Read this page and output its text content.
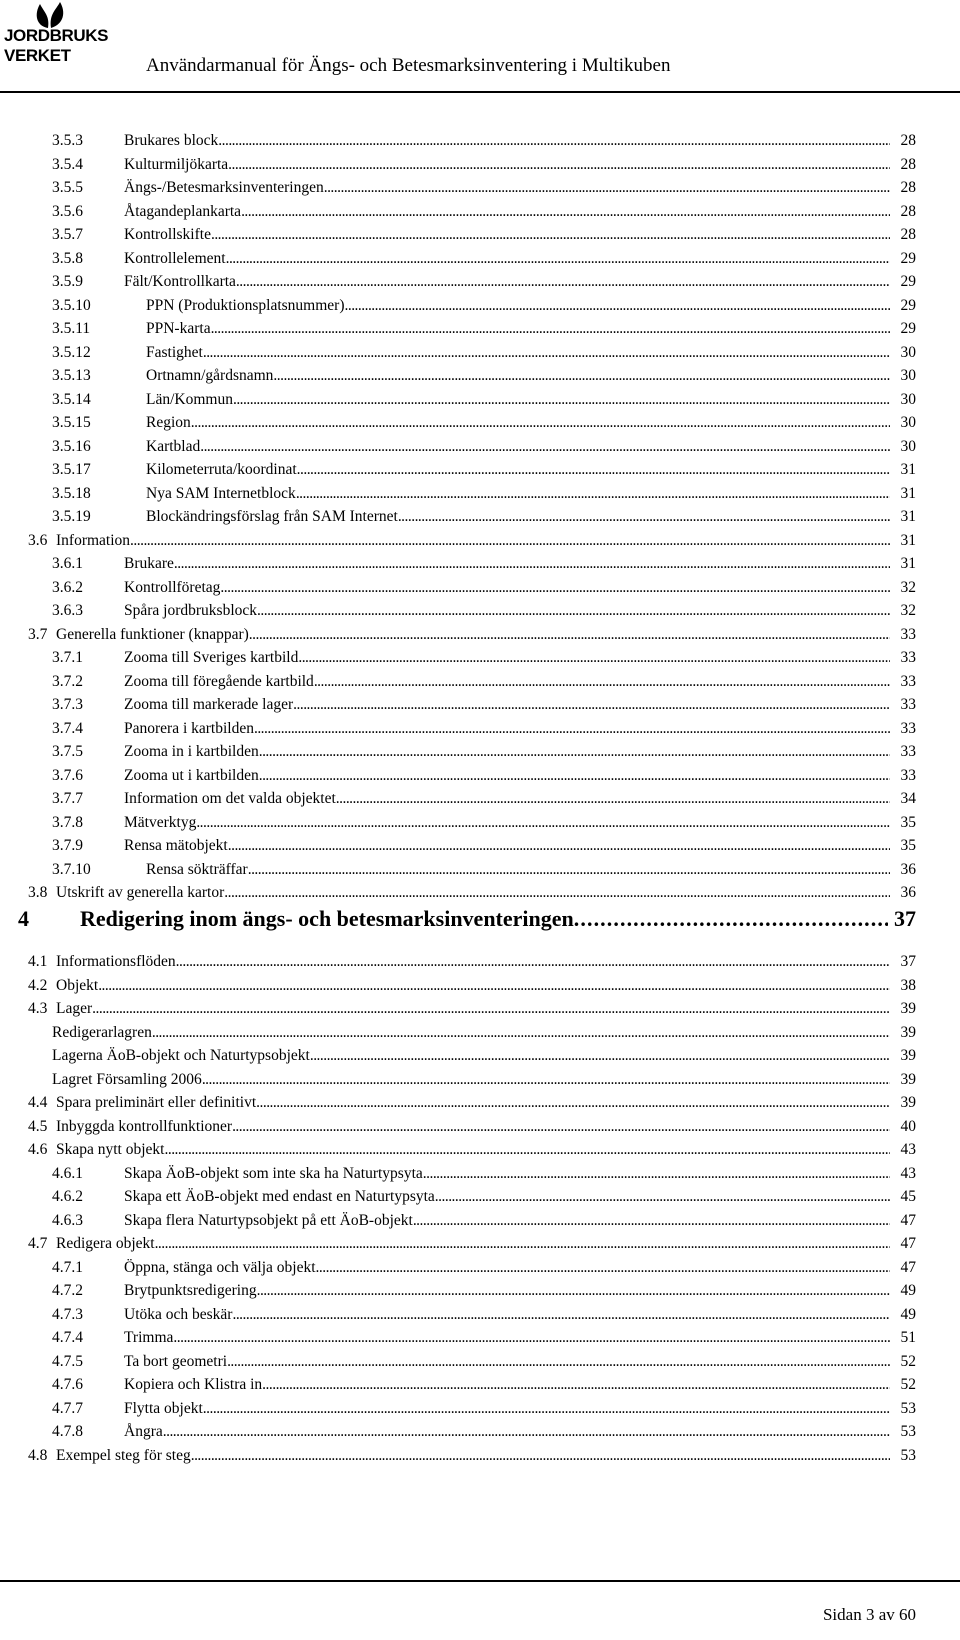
JORDBRUKS
VERKET	Användarmanual för Ängs- och Betesmarksinventering i Multikuben
3.5.3	Brukares block . . .	28
3.5.4	Kulturmiljökarta . . .	28
3.5.5	Ängs-/Betesmarksinventeringen . . .	28
3.5.6	Åtagandeplankarta . . .	28
3.5.7	Kontrollskifte . . .	28
3.5.8	Kontrollelement . . .	29
3.5.9	Fält/Kontrollkarta . . .	29
3.5.10	PPN (Produktionsplatsnummer) . . .	29
3.5.11	PPN-karta . . .	29
3.5.12	Fastighet . . .	30
3.5.13	Ortnamn/gårdsnamn . . .	30
3.5.14	Län/Kommun . . .	30
3.5.15	Region . . .	30
3.5.16	Kartblad . . .	30
3.5.17	Kilometerruta/koordinat . . .	31
3.5.18	Nya SAM Internetblock . . .	31
3.5.19	Blockändringsförslag från SAM Internet . . .	31
3.6 Information . . .	31
3.6.1	Brukare . . .	31
3.6.2	Kontrollföretag . . .	32
3.6.3	Spåra jordbruksblock . . .	32
3.7 Generella funktioner (knappar) . . .	33
3.7.1	Zooma till Sveriges kartbild . . .	33
3.7.2	Zooma till föregående kartbild . . .	33
3.7.3	Zooma till markerade lager . . .	33
3.7.4	Panorera i kartbilden . . .	33
3.7.5	Zooma in i kartbilden . . .	33
3.7.6	Zooma ut i kartbilden . . .	33
3.7.7	Information om det valda objektet . . .	34
3.7.8	Mätverktyg . . .	35
3.7.9	Rensa mätobjekt . . .	35
3.7.10	Rensa sökträffar . . .	36
3.8 Utskrift av generella kartor . . .	36
4 Redigering inom ängs- och betesmarksinventeringen . . .	37
4.1 Informationsflöden . . .	37
4.2 Objekt . . .	38
4.3 Lager . . .	39
Redigerarlagren . . .	39
Lagerna ÄoB-objekt och Naturtypsobjekt . . .	39
Lagret Församling 2006 . . .	39
4.4 Spara preliminärt eller definitivt . . .	39
4.5 Inbyggda kontrollfunktioner . . .	40
4.6 Skapa nytt objekt . . .	43
4.6.1	Skapa ÄoB-objekt som inte ska ha Naturtypsyta . . .	43
4.6.2	Skapa ett ÄoB-objekt med endast en Naturtypsyta . . .	45
4.6.3	Skapa flera Naturtypsobjekt på ett ÄoB-objekt . . .	47
4.7 Redigera objekt . . .	47
4.7.1	Öppna, stänga och välja objekt . . .	47
4.7.2	Brytpunktsredigering . . .	49
4.7.3	Utöka och beskär . . .	49
4.7.4	Trimma . . .	51
4.7.5	Ta bort geometri . . .	52
4.7.6	Kopiera och Klistra in . . .	52
4.7.7	Flytta objekt . . .	53
4.7.8	Ångra . . .	53
4.8 Exempel steg för steg . . .	53
Sidan 3 av 60
